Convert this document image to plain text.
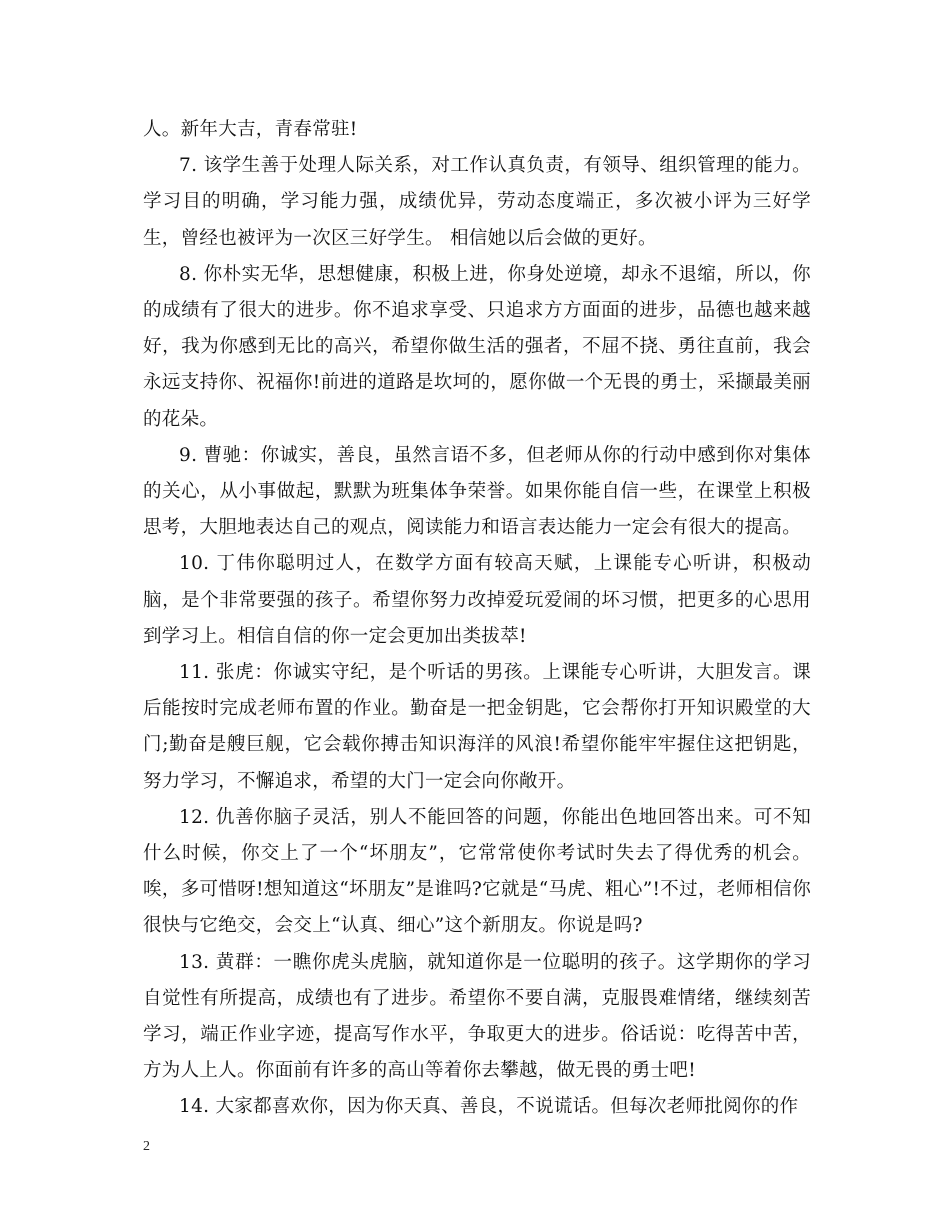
人。新年大吉，青春常驻!

7. 该学生善于处理人际关系，对工作认真负责，有领导、组织管理的能力。学习目的明确，学习能力强，成绩优异，劳动态度端正，多次被小评为三好学生，曾经也被评为一次区三好学生。 相信她以后会做的更好。

8. 你朴实无华，思想健康，积极上进，你身处逆境，却永不退缩，所以，你的成绩有了很大的进步。你不追求享受、只追求方方面面的进步，品德也越来越好，我为你感到无比的高兴，希望你做生活的强者，不屈不挠、勇往直前，我会永远支持你、祝福你!前进的道路是坎坷的，愿你做一个无畏的勇士，采撷最美丽的花朵。

9. 曹驰：你诚实，善良，虽然言语不多，但老师从你的行动中感到你对集体的关心，从小事做起，默默为班集体争荣誉。如果你能自信一些，在课堂上积极思考，大胆地表达自己的观点，阅读能力和语言表达能力一定会有很大的提高。

10. 丁伟你聪明过人，在数学方面有较高天赋，上课能专心听讲，积极动脑，是个非常要强的孩子。希望你努力改掉爱玩爱闹的坏习惯，把更多的心思用到学习上。相信自信的你一定会更加出类拔萃!

11. 张虎：你诚实守纪，是个听话的男孩。上课能专心听讲，大胆发言。课后能按时完成老师布置的作业。勤奋是一把金钥匙，它会帮你打开知识殿堂的大门;勤奋是艘巨舰，它会载你搏击知识海洋的风浪!希望你能牢牢握住这把钥匙，努力学习，不懈追求，希望的大门一定会向你敞开。

12. 仇善你脑子灵活，别人不能回答的问题，你能出色地回答出来。可不知什么时候，你交上了一个“坏朋友”，它常常使你考试时失去了得优秀的机会。唉，多可惜呀!想知道这“坏朋友”是谁吗?它就是“马虎、粗心”!不过，老师相信你很快与它绝交，会交上“认真、细心”这个新朋友。你说是吗?

13. 黄群：一瞧你虎头虎脑，就知道你是一位聪明的孩子。这学期你的学习自觉性有所提高，成绩也有了进步。希望你不要自满，克服畏难情绪，继续刻苦学习，端正作业字迹，提高写作水平，争取更大的进步。俗话说：吃得苦中苦，方为人上人。你面前有许多的高山等着你去攀越，做无畏的勇士吧!

14. 大家都喜欢你，因为你天真、善良，不说谎话。但每次老师批阅你的作

2
